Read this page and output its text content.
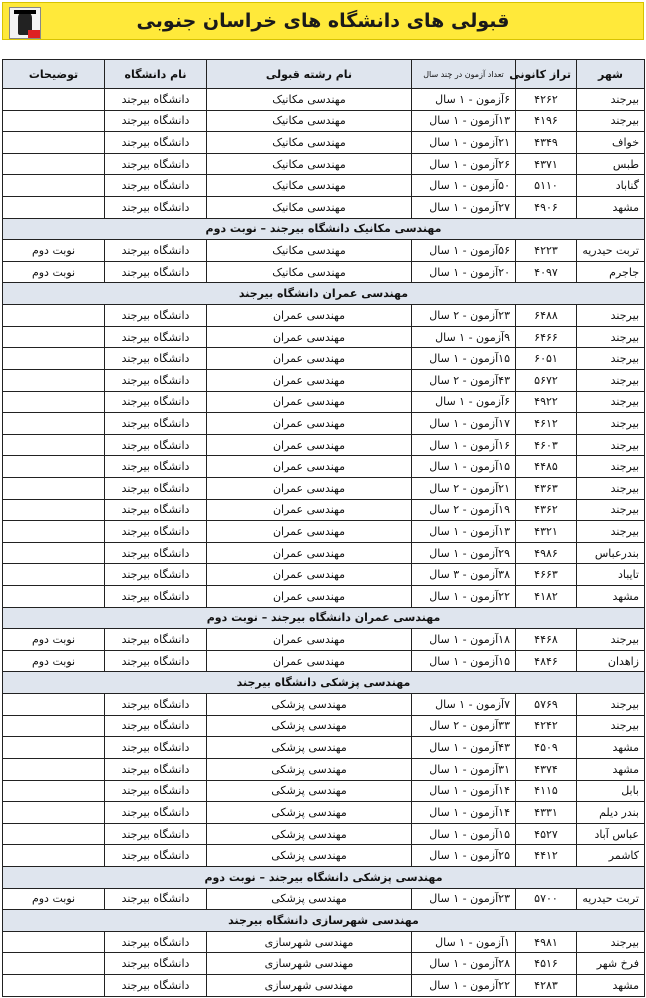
قبولی های دانشگاه های خراسان جنوبی
شهر	تراز کانونی	تعداد آزمون در چند سال	نام رشته قبولی	نام دانشگاه	توضیحات
بیرجند	۴۲۶۲	۶آزمون - ۱ سال	مهندسی مکانیک	دانشگاه بیرجند	
بیرجند	۴۱۹۶	۱۳آزمون - ۱ سال	مهندسی مکانیک	دانشگاه بیرجند	
خواف	۴۳۴۹	۲۱آزمون - ۱ سال	مهندسی مکانیک	دانشگاه بیرجند	
طبس	۴۳۷۱	۲۶آزمون - ۱ سال	مهندسی مکانیک	دانشگاه بیرجند	
گناباد	۵۱۱۰	۵۰آزمون - ۱ سال	مهندسی مکانیک	دانشگاه بیرجند	
مشهد	۴۹۰۶	۲۷آزمون - ۱ سال	مهندسی مکانیک	دانشگاه بیرجند	
مهندسی مکانیک دانشگاه بیرجند – نوبت دوم					
تربت حیدریه	۴۲۲۳	۵۶آزمون - ۱ سال	مهندسی مکانیک	دانشگاه بیرجند	نوبت دوم
جاجرم	۴۰۹۷	۲۰آزمون - ۱ سال	مهندسی مکانیک	دانشگاه بیرجند	نوبت دوم
مهندسی عمران دانشگاه بیرجند					
بیرجند	۶۴۸۸	۲۳آزمون - ۲ سال	مهندسی عمران	دانشگاه بیرجند	
بیرجند	۶۴۶۶	۹آزمون - ۱ سال	مهندسی عمران	دانشگاه بیرجند	
بیرجند	۶۰۵۱	۱۵آزمون - ۱ سال	مهندسی عمران	دانشگاه بیرجند	
بیرجند	۵۶۷۲	۴۳آزمون - ۲ سال	مهندسی عمران	دانشگاه بیرجند	
بیرجند	۴۹۲۲	۶آزمون - ۱ سال	مهندسی عمران	دانشگاه بیرجند	
بیرجند	۴۶۱۲	۱۷آزمون - ۱ سال	مهندسی عمران	دانشگاه بیرجند	
بیرجند	۴۶۰۳	۱۶آزمون - ۱ سال	مهندسی عمران	دانشگاه بیرجند	
بیرجند	۴۴۸۵	۱۵آزمون - ۱ سال	مهندسی عمران	دانشگاه بیرجند	
بیرجند	۴۳۶۳	۲۱آزمون - ۲ سال	مهندسی عمران	دانشگاه بیرجند	
بیرجند	۴۳۶۲	۱۹آزمون - ۲ سال	مهندسی عمران	دانشگاه بیرجند	
بیرجند	۴۳۲۱	۱۳آزمون - ۱ سال	مهندسی عمران	دانشگاه بیرجند	
بندرعباس	۴۹۸۶	۲۹آزمون - ۱ سال	مهندسی عمران	دانشگاه بیرجند	
تایباد	۴۶۶۳	۳۸آزمون - ۳ سال	مهندسی عمران	دانشگاه بیرجند	
مشهد	۴۱۸۲	۲۲آزمون - ۱ سال	مهندسی عمران	دانشگاه بیرجند	
مهندسی عمران دانشگاه بیرجند – نوبت دوم					
بیرجند	۴۴۶۸	۱۸آزمون - ۱ سال	مهندسی عمران	دانشگاه بیرجند	نوبت دوم
زاهدان	۴۸۴۶	۱۵آزمون - ۱ سال	مهندسی عمران	دانشگاه بیرجند	نوبت دوم
مهندسی پزشکی دانشگاه بیرجند					
بیرجند	۵۷۶۹	۷آزمون - ۱ سال	مهندسی پزشکی	دانشگاه بیرجند	
بیرجند	۴۲۴۲	۳۳آزمون - ۲ سال	مهندسی پزشکی	دانشگاه بیرجند	
مشهد	۴۵۰۹	۴۳آزمون - ۱ سال	مهندسی پزشکی	دانشگاه بیرجند	
مشهد	۴۳۷۴	۳۱آزمون - ۱ سال	مهندسی پزشکی	دانشگاه بیرجند	
بابل	۴۱۱۵	۱۴آزمون - ۱ سال	مهندسی پزشکی	دانشگاه بیرجند	
بندر دیلم	۴۳۳۱	۱۴آزمون - ۱ سال	مهندسی پزشکی	دانشگاه بیرجند	
عباس آباد	۴۵۲۷	۱۵آزمون - ۱ سال	مهندسی پزشکی	دانشگاه بیرجند	
کاشمر	۴۴۱۲	۲۵آزمون - ۱ سال	مهندسی پزشکی	دانشگاه بیرجند	
مهندسی پزشکی دانشگاه بیرجند – نوبت دوم					
تربت حیدریه	۵۷۰۰	۲۳آزمون - ۱ سال	مهندسی پزشکی	دانشگاه بیرجند	نوبت دوم
مهندسی شهرسازی دانشگاه بیرجند					
بیرجند	۴۹۸۱	۱آزمون - ۱ سال	مهندسی شهرسازی	دانشگاه بیرجند	
فرخ شهر	۴۵۱۶	۲۸آزمون - ۱ سال	مهندسی شهرسازی	دانشگاه بیرجند	
مشهد	۴۲۸۳	۲۲آزمون - ۱ سال	مهندسی شهرسازی	دانشگاه بیرجند	
